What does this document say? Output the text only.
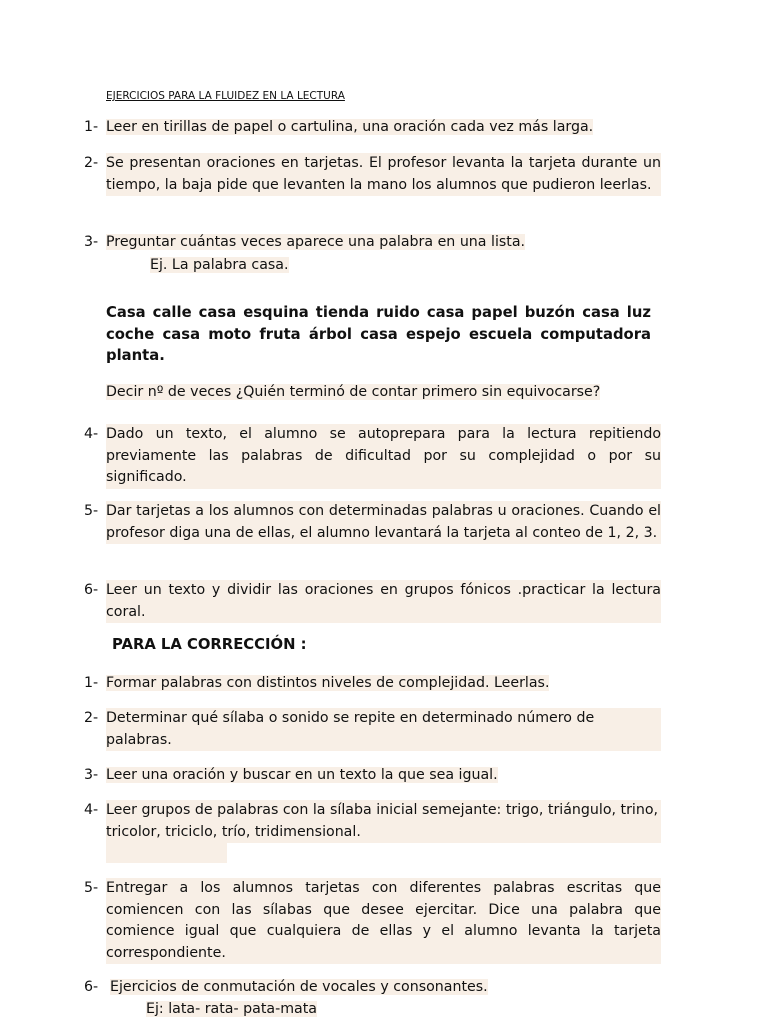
EJERCICIOS PARA LA FLUIDEZ EN LA LECTURA
1- Leer en tirillas de papel o cartulina, una oración cada vez más larga.
2- Se presentan oraciones en tarjetas. El profesor levanta la tarjeta durante un tiempo, la baja pide que levanten la mano los alumnos que pudieron leerlas.
3- Preguntar cuántas veces aparece una palabra en una lista.
Ej. La palabra casa.
Casa calle casa esquina tienda ruido casa papel buzón casa luz coche casa moto fruta árbol casa espejo escuela computadora planta.
Decir nº de veces ¿Quién terminó de contar primero sin equivocarse?
4- Dado un texto, el alumno se autoprepara para la lectura repitiendo previamente las palabras de dificultad por su complejidad o por su significado.
5- Dar tarjetas a los alumnos con determinadas palabras u oraciones. Cuando el profesor diga una de ellas, el alumno levantará la tarjeta al conteo de 1, 2, 3.
6- Leer un texto y dividir las oraciones en grupos fónicos .practicar la lectura coral.
PARA LA CORRECCIÓN :
1- Formar palabras con distintos niveles de complejidad. Leerlas.
2- Determinar qué sílaba o sonido se repite en determinado número de palabras.
3- Leer una oración y buscar en un texto la que sea igual.
4- Leer grupos de palabras con la sílaba inicial semejante: trigo, triángulo, trino, tricolor, triciclo, trío, tridimensional.
5- Entregar a los alumnos tarjetas con diferentes palabras escritas que comiencen con las sílabas que desee ejercitar. Dice una palabra que comience igual que cualquiera de ellas y el alumno levanta la tarjeta correspondiente.
6- Ejercicios de conmutación de vocales y consonantes.
Ej: lata- rata- pata-mata
